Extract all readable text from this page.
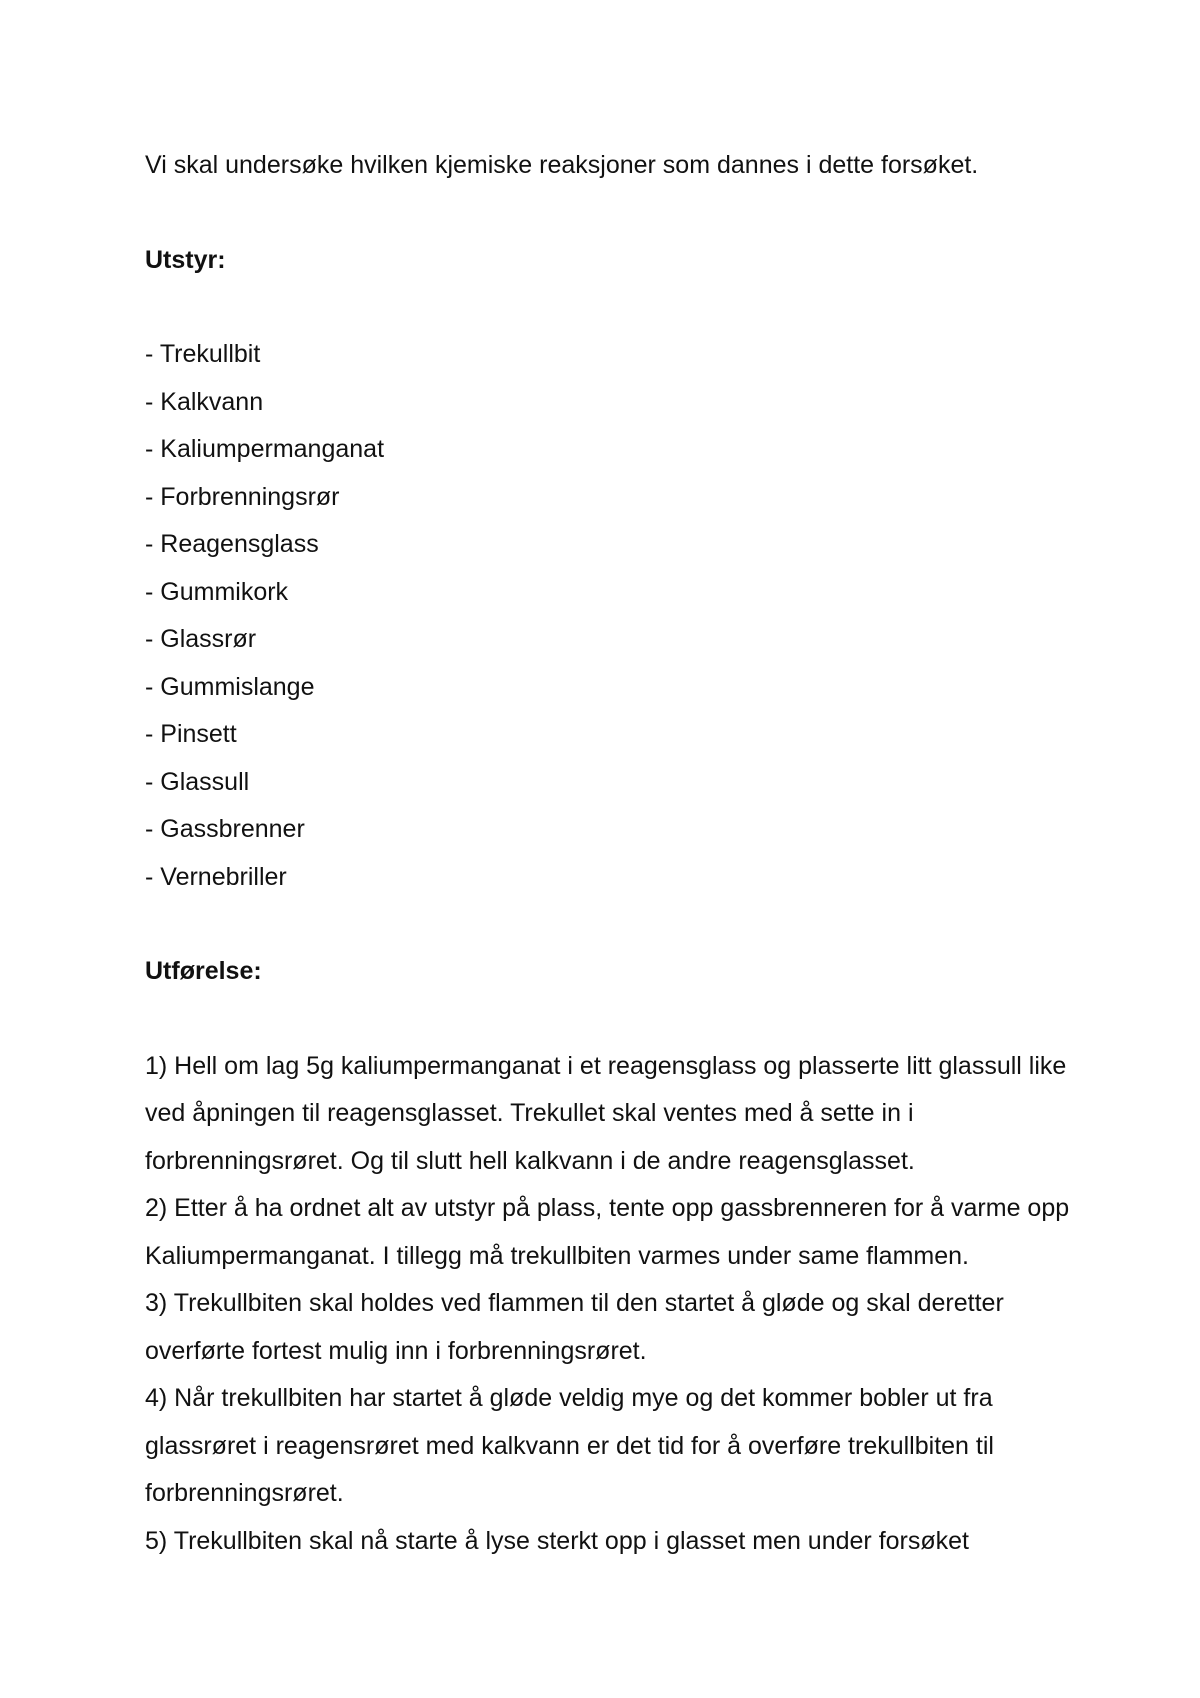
Vi skal undersøke hvilken kjemiske reaksjoner som dannes i dette forsøket.

Utstyr:

- Trekullbit
- Kalkvann
- Kaliumpermanganat
- Forbrenningsrør
- Reagensglass
- Gummikork
- Glassrør
- Gummislange
- Pinsett
- Glassull
- Gassbrenner
- Vernebriller

Utførelse:

1) Hell om lag 5g kaliumpermanganat i et reagensglass og plasserte litt glassull like ved åpningen til reagensglasset. Trekullet skal ventes med å sette in i forbrenningsrøret. Og til slutt hell kalkvann i de andre reagensglasset.
2) Etter å ha ordnet alt av utstyr på plass, tente opp gassbrenneren for å varme opp Kaliumpermanganat. I tillegg må trekullbiten varmes under same flammen.
3) Trekullbiten skal holdes ved flammen til den startet å gløde og skal deretter overførte fortest mulig inn i forbrenningsrøret.
4) Når trekullbiten har startet å gløde veldig mye og det kommer bobler ut fra glassrøret i reagensrøret med kalkvann er det tid for å overføre trekullbiten til forbrenningsrøret.
5) Trekullbiten skal nå starte å lyse sterkt opp i glasset men under forsøket
